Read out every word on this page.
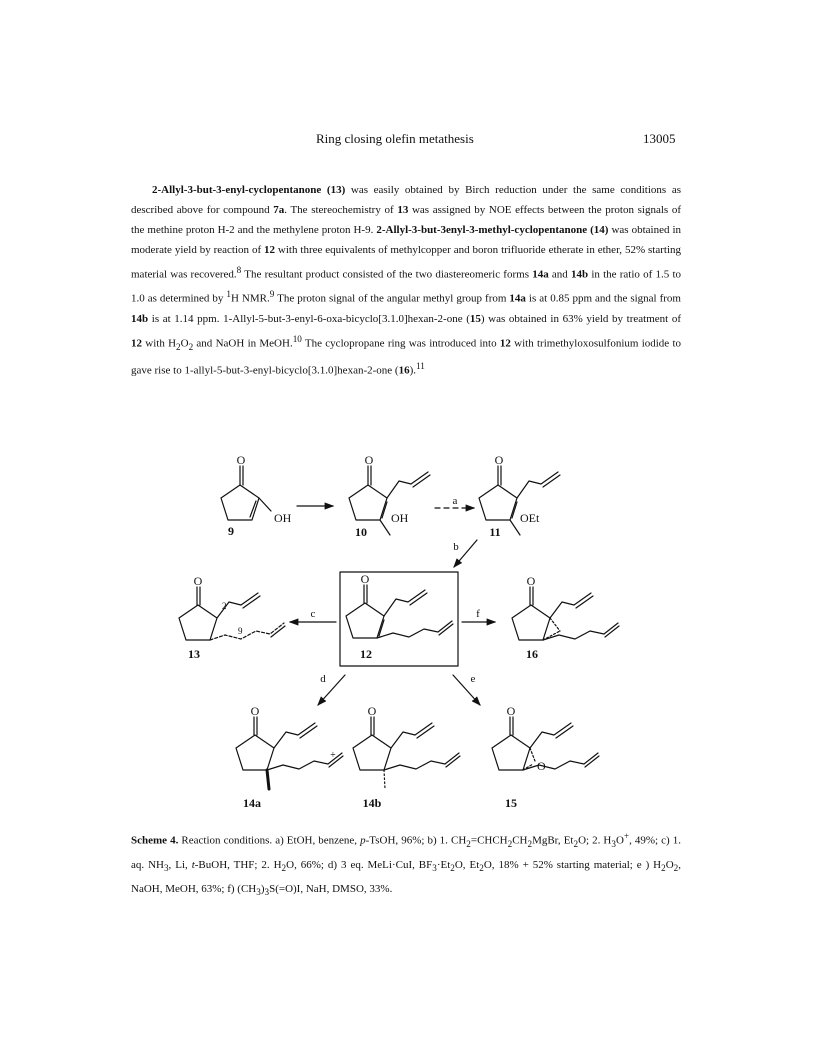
Ring closing olefin metathesis	13005

2-Allyl-3-but-3-enyl-cyclopentanone (13) was easily obtained by Birch reduction under the same conditions as described above for compound 7a. The stereochemistry of 13 was assigned by NOE effects between the proton signals of the methine proton H-2 and the methylene proton H-9. 2-Allyl-3-but-3enyl-3-methyl-cyclopentanone (14) was obtained in moderate yield by reaction of 12 with three equivalents of methylcopper and boron trifluoride etherate in ether, 52% starting material was recovered.$^8$ The resultant product consisted of the two diastereomeric forms 14a and 14b in the ratio of 1.5 to 1.0 as determined by $^1$H NMR.$^9$ The proton signal of the angular methyl group from 14a is at 0.85 ppm and the signal from 14b is at 1.14 ppm. 1-Allyl-5-but-3-enyl-6-oxa-bicyclo[3.1.0]hexan-2-one (15) was obtained in 63% yield by treatment of 12 with $H_2O_2$ and NaOH in MeOH.$^{10}$ The cyclopropane ring was introduced into 12 with trimethyloxosulfonium iodide to gave rise to 1-allyl-5-but-3-enyl-bicyclo[3.1.0]hexan-2-one (16).$^{11}$

O
OH
9
O
OH
10
a
O
OEt
11
b
O
2
9
13
c
O
12
f
O
16
d	e
O
14a
+
O
14b
O
O
15
Scheme 4. Reaction conditions. a) EtOH, benzene, p-TsOH, 96%; b) 1. $CH_2=CHCH_2CH_2MgBr$, $Et_2O$; 2. $H_3O^+$, 49%; c) 1. aq. $NH_3$, Li, t-BuOH, THF; 2. $H_2O$, 66%; d) 3 eq. MeLi·CuI, $BF_3\cdot Et_2O$, $Et_2O$, 18% + 52% starting material; e ) $H_2O_2$, NaOH, MeOH, 63%; f) $(CH_3)_3S(=O)I$, NaH, DMSO, 33%.
